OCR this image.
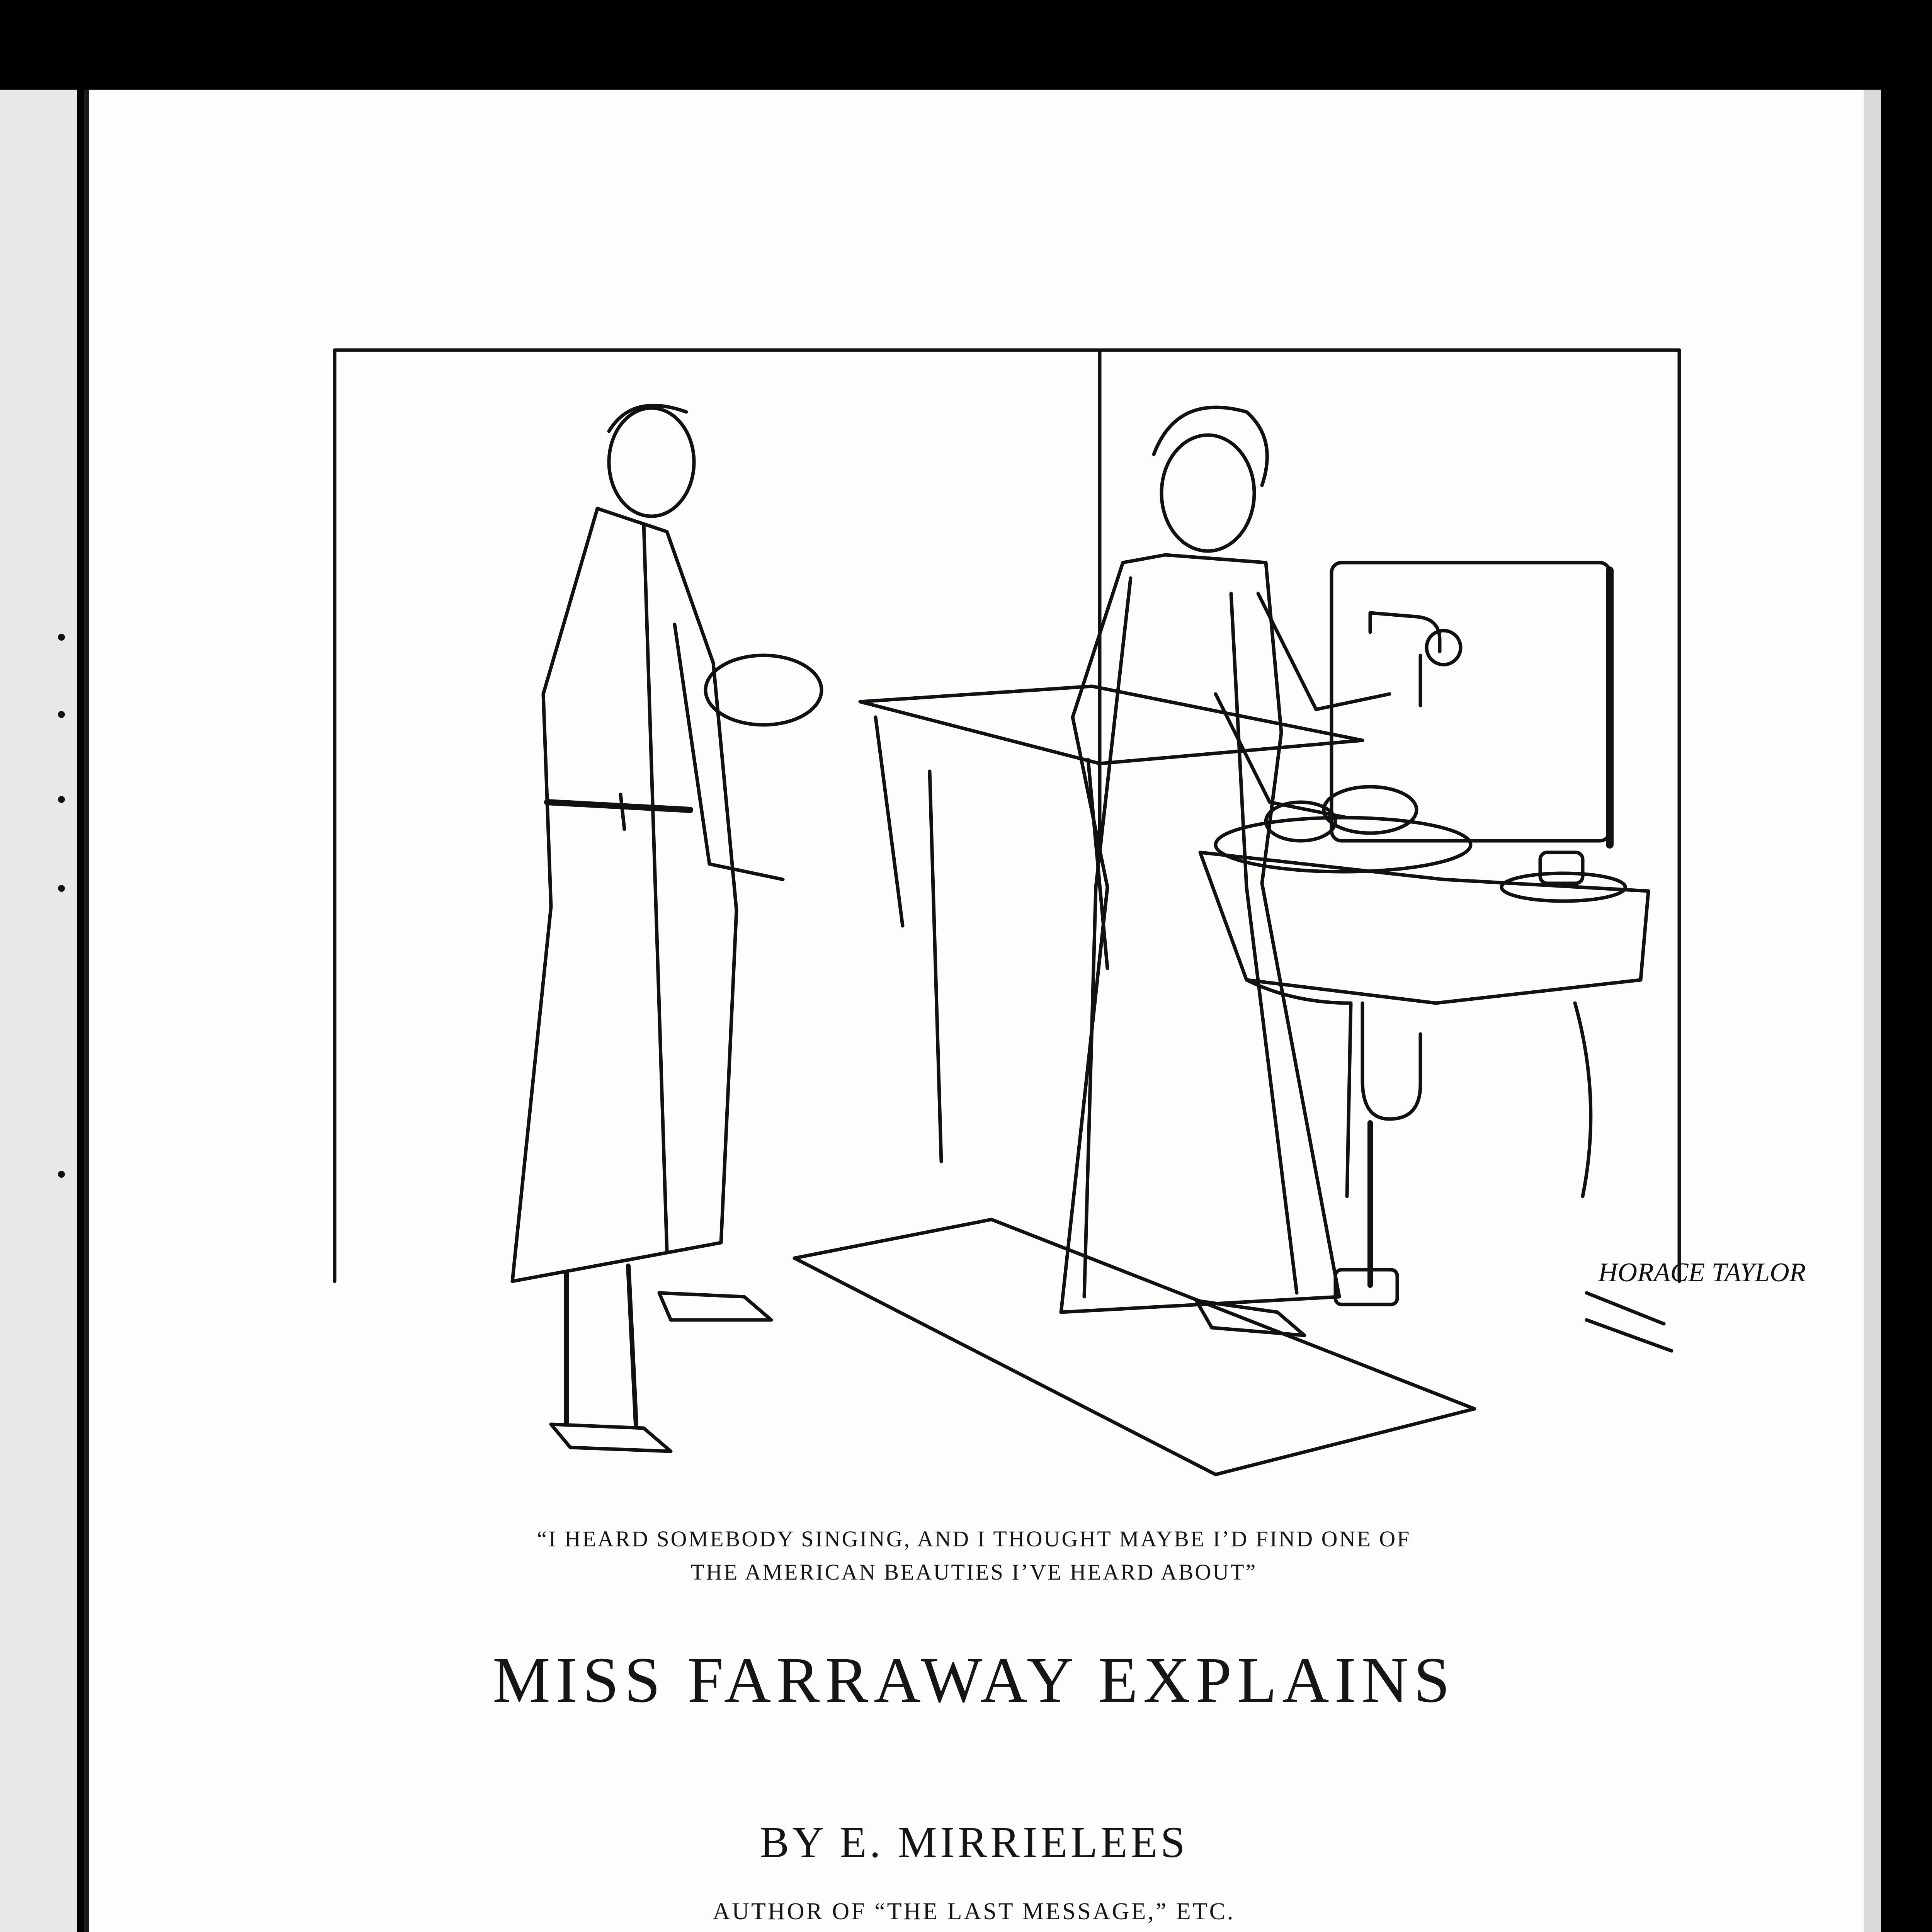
HORACE TAYLOR
“I HEARD SOMEBODY SINGING, AND I THOUGHT MAYBE I’D FIND ONE OF
THE AMERICAN BEAUTIES I’VE HEARD ABOUT”
MISS FARRAWAY EXPLAINS
BY E. MIRRIELEES
AUTHOR OF “THE LAST MESSAGE,” ETC.
